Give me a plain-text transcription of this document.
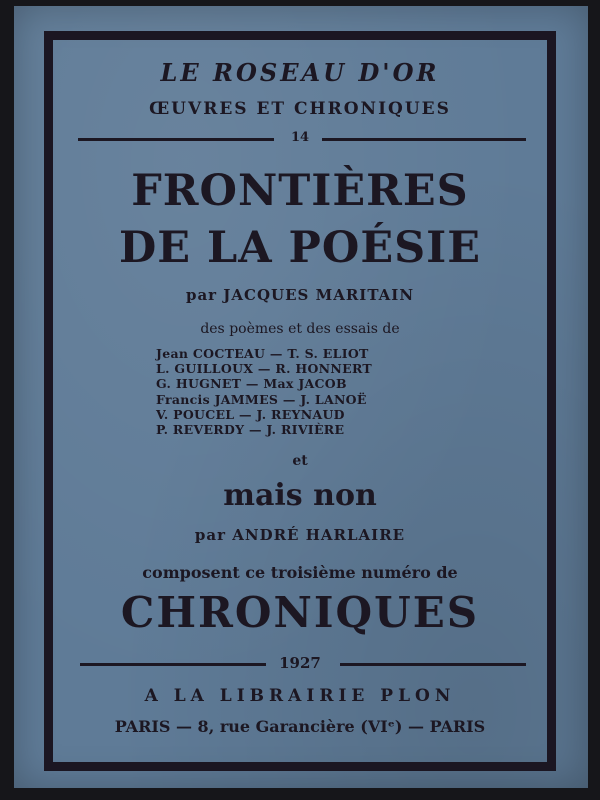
LE ROSEAU D'OR
ŒUVRES ET CHRONIQUES
14
FRONTIÈRES
DE LA POÉSIE
par JACQUES MARITAIN
des poèmes et des essais de
Jean COCTEAU — T. S. ELIOT
L. GUILLOUX — R. HONNERT
G. HUGNET — Max JACOB
Francis JAMMES — J. LANOË
V. POUCEL — J. REYNAUD
P. REVERDY — J. RIVIÈRE
et
mais non
par ANDRÉ HARLAIRE
composent ce troisième numéro de
CHRONIQUES
1927
A LA LIBRAIRIE PLON
PARIS — 8, rue Garancière (VIᵉ) — PARIS
